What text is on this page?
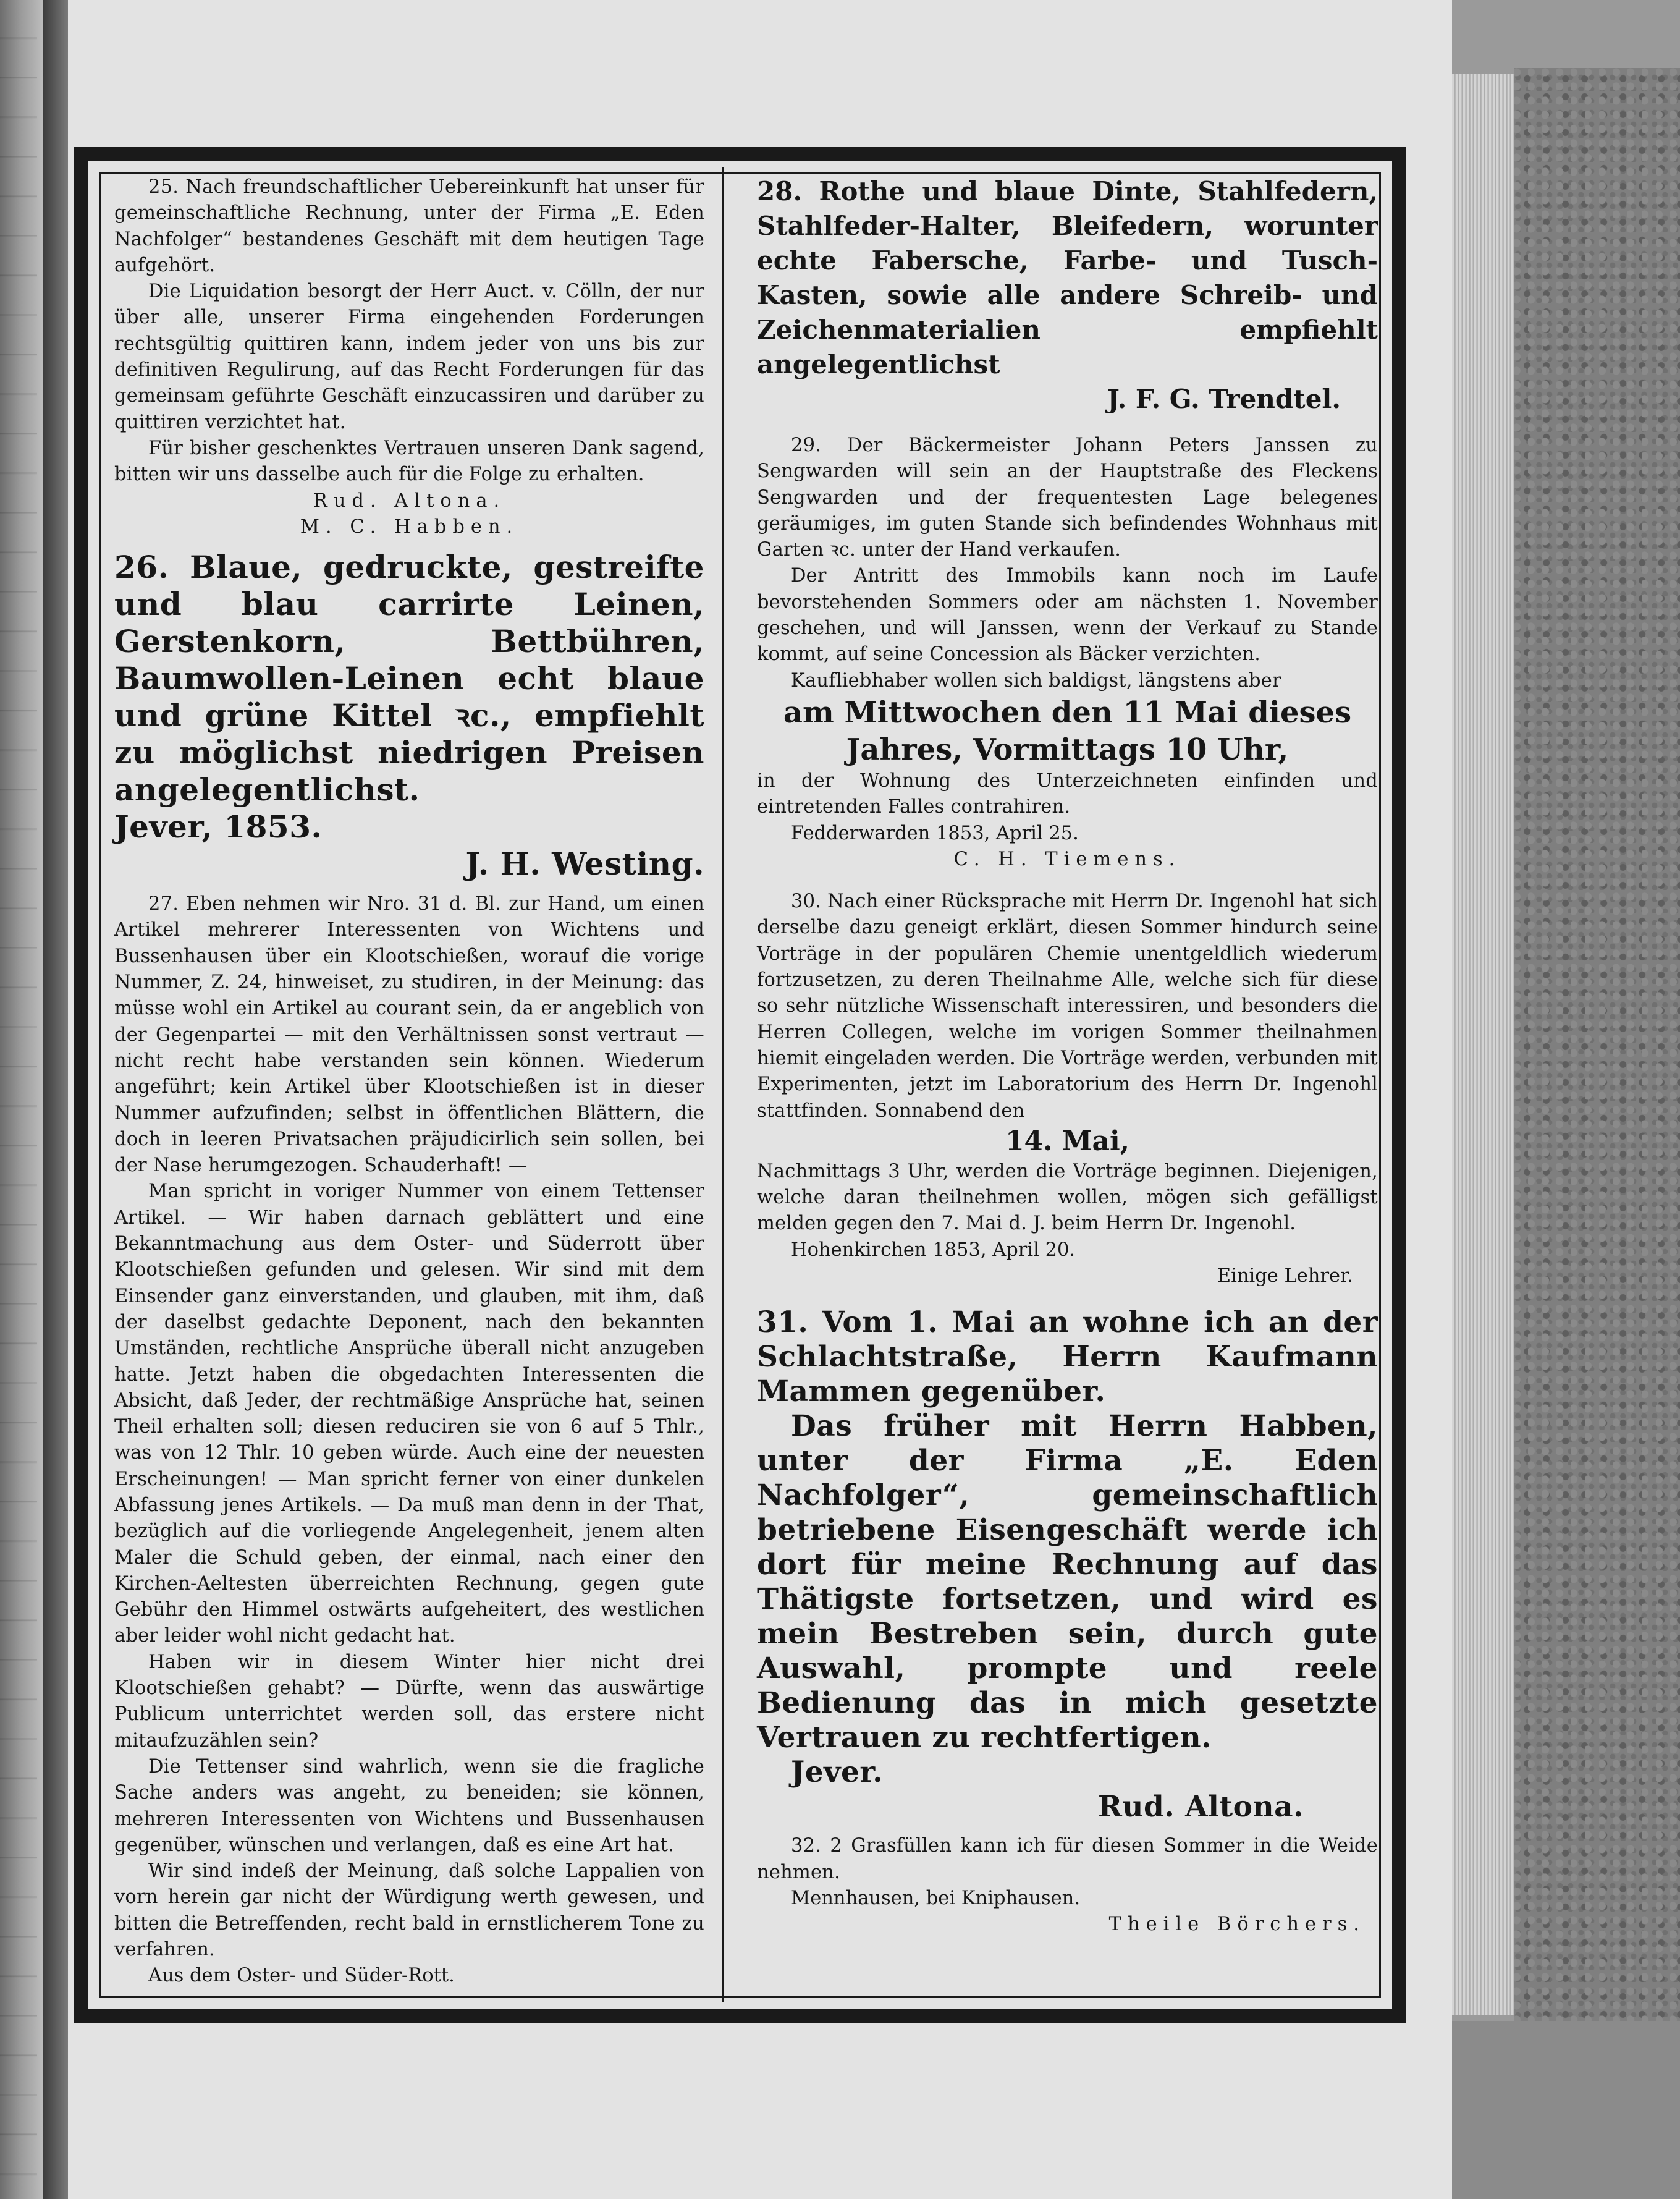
25. Nach freundschaftlicher Uebereinkunft hat unser für gemeinschaftliche Rechnung, unter der Firma „E. Eden Nachfolger“ bestandenes Geschäft mit dem heutigen Tage aufgehört.

Die Liquidation besorgt der Herr Auct. v. Cölln, der nur über alle, unserer Firma eingehenden Forderungen rechtsgültig quittiren kann, indem jeder von uns bis zur definitiven Regulirung, auf das Recht Forderungen für das gemeinsam geführte Geschäft einzucassiren und darüber zu quittiren verzichtet hat.

Für bisher geschenktes Vertrauen unseren Dank sagend, bitten wir uns dasselbe auch für die Folge zu erhalten.

Rud. Altona.

M. C. Habben.

26. Blaue, gedruckte, gestreifte und blau carrirte Leinen, Gerstenkorn, Bettbühren, Baumwollen-Leinen echt blaue und grüne Kittel ꝛc., empfiehlt zu möglichst niedrigen Preisen angelegentlichst.

Jever, 1853.

J. H. Westing.

27. Eben nehmen wir Nro. 31 d. Bl. zur Hand, um einen Artikel mehrerer Interessenten von Wichtens und Bussenhausen über ein Klootschießen, worauf die vorige Nummer, Z. 24, hinweiset, zu studiren, in der Meinung: das müsse wohl ein Artikel au courant sein, da er angeblich von der Gegenpartei — mit den Verhältnissen sonst vertraut — nicht recht habe verstanden sein können. Wiederum angeführt; kein Artikel über Klootschießen ist in dieser Nummer aufzufinden; selbst in öffentlichen Blättern, die doch in leeren Privatsachen präjudicirlich sein sollen, bei der Nase herumgezogen. Schauderhaft! —

Man spricht in voriger Nummer von einem Tettenser Artikel. — Wir haben darnach geblättert und eine Bekanntmachung aus dem Oster- und Süderrott über Klootschießen gefunden und gelesen. Wir sind mit dem Einsender ganz einverstanden, und glauben, mit ihm, daß der daselbst gedachte Deponent, nach den bekannten Umständen, rechtliche Ansprüche überall nicht anzugeben hatte. Jetzt haben die obgedachten Interessenten die Absicht, daß Jeder, der rechtmäßige Ansprüche hat, seinen Theil erhalten soll; diesen reduciren sie von 6 auf 5 Thlr., was von 12 Thlr. 10 geben würde. Auch eine der neuesten Erscheinungen! — Man spricht ferner von einer dunkelen Abfassung jenes Artikels. — Da muß man denn in der That, bezüglich auf die vorliegende Angelegenheit, jenem alten Maler die Schuld geben, der einmal, nach einer den Kirchen-Aeltesten überreichten Rechnung, gegen gute Gebühr den Himmel ostwärts aufgeheitert, des westlichen aber leider wohl nicht gedacht hat.

Haben wir in diesem Winter hier nicht drei Klootschießen gehabt? — Dürfte, wenn das auswärtige Publicum unterrichtet werden soll, das erstere nicht mitaufzuzählen sein?

Die Tettenser sind wahrlich, wenn sie die fragliche Sache anders was angeht, zu beneiden; sie können, mehreren Interessenten von Wichtens und Bussenhausen gegenüber, wünschen und verlangen, daß es eine Art hat.

Wir sind indeß der Meinung, daß solche Lappalien von vorn herein gar nicht der Würdigung werth gewesen, und bitten die Betreffenden, recht bald in ernstlicherem Tone zu verfahren.

Aus dem Oster- und Süder-Rott.

28. Rothe und blaue Dinte, Stahlfedern, Stahlfeder-Halter, Bleifedern, worunter echte Fabersche, Farbe- und Tusch-Kasten, sowie alle andere Schreib- und Zeichenmaterialien empfiehlt angelegentlichst

J. F. G. Trendtel.

29. Der Bäckermeister Johann Peters Janssen zu Sengwarden will sein an der Hauptstraße des Fleckens Sengwarden und der frequentesten Lage belegenes geräumiges, im guten Stande sich befindendes Wohnhaus mit Garten ꝛc. unter der Hand verkaufen.

Der Antritt des Immobils kann noch im Laufe bevorstehenden Sommers oder am nächsten 1. November geschehen, und will Janssen, wenn der Verkauf zu Stande kommt, auf seine Concession als Bäcker verzichten.

Kaufliebhaber wollen sich baldigst, längstens aber

am Mittwochen den 11 Mai dieses Jahres, Vormittags 10 Uhr,

in der Wohnung des Unterzeichneten einfinden und eintretenden Falles contrahiren.

Fedderwarden 1853, April 25.

C. H. Tiemens.

30. Nach einer Rücksprache mit Herrn Dr. Ingenohl hat sich derselbe dazu geneigt erklärt, diesen Sommer hindurch seine Vorträge in der populären Chemie unentgeldlich wiederum fortzusetzen, zu deren Theilnahme Alle, welche sich für diese so sehr nützliche Wissenschaft interessiren, und besonders die Herren Collegen, welche im vorigen Sommer theilnahmen hiemit eingeladen werden. Die Vorträge werden, verbunden mit Experimenten, jetzt im Laboratorium des Herrn Dr. Ingenohl stattfinden. Sonnabend den

14. Mai,

Nachmittags 3 Uhr, werden die Vorträge beginnen. Diejenigen, welche daran theilnehmen wollen, mögen sich gefälligst melden gegen den 7. Mai d. J. beim Herrn Dr. Ingenohl.

Hohenkirchen 1853, April 20.

Einige Lehrer.

31. Vom 1. Mai an wohne ich an der Schlachtstraße, Herrn Kaufmann Mammen gegenüber.

Das früher mit Herrn Habben, unter der Firma „E. Eden Nachfolger“, gemeinschaftlich betriebene Eisengeschäft werde ich dort für meine Rechnung auf das Thätigste fortsetzen, und wird es mein Bestreben sein, durch gute Auswahl, prompte und reele Bedienung das in mich gesetzte Vertrauen zu rechtfertigen.

Jever.

Rud. Altona.

32. 2 Grasfüllen kann ich für diesen Sommer in die Weide nehmen.

Mennhausen, bei Kniphausen.

Theile Börchers.
